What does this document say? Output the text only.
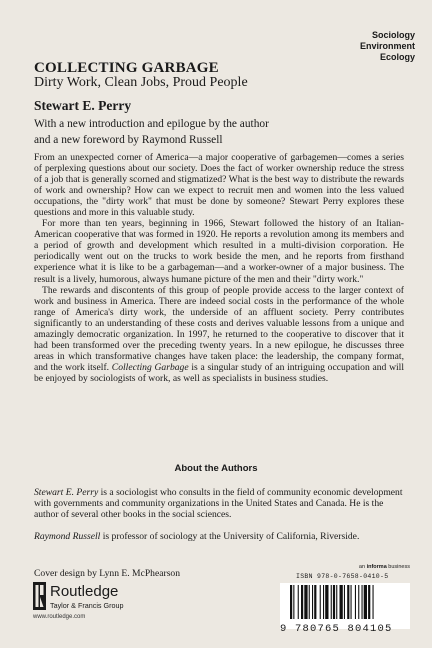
Sociology
Environment
Ecology
COLLECTING GARBAGE
Dirty Work, Clean Jobs, Proud People
Stewart E. Perry
With a new introduction and epilogue by the author
and a new foreword by Raymond Russell

From an unexpected corner of America—a major cooperative of garbagemen—comes a series of perplexing questions about our society. Does the fact of worker ownership reduce the stress of a job that is generally scorned and stigmatized? What is the best way to distribute the rewards of work and ownership? How can we expect to recruit men and women into the less valued occupations, the "dirty work" that must be done by someone? Stewart Perry explores these questions and more in this valuable study.

For more than ten years, beginning in 1966, Stewart followed the history of an Italian-American cooperative that was formed in 1920. He reports a revolution among its members and a period of growth and development which resulted in a multi-division corporation. He periodically went out on the trucks to work beside the men, and he reports from firsthand experience what it is like to be a garbageman—and a worker-owner of a major business. The result is a lively, humorous, always humane picture of the men and their "dirty work."

The rewards and discontents of this group of people provide access to the larger context of work and business in America. There are indeed social costs in the performance of the whole range of America's dirty work, the underside of an affluent society. Perry contributes significantly to an understanding of these costs and derives valuable lessons from a unique and amazingly democratic organization. In 1997, he returned to the cooperative to discover that it had been transformed over the preceding twenty years. In a new epilogue, he discusses three areas in which transformative changes have taken place: the leadership, the company format, and the work itself. Collecting Garbage is a singular study of an intriguing occupation and will be enjoyed by sociologists of work, as well as specialists in business studies.

About the Authors
Stewart E. Perry is a sociologist who consults in the field of community economic development with governments and community organizations in the United States and Canada. He is the author of several other books in the social sciences.
Raymond Russell is professor of sociology at the University of California, Riverside.
Cover design by Lynn E. McPhearson
Routledge
Taylor & Francis Group
www.routledge.com
an informa business
ISBN 978-0-7658-0410-5
9 780765 804105
